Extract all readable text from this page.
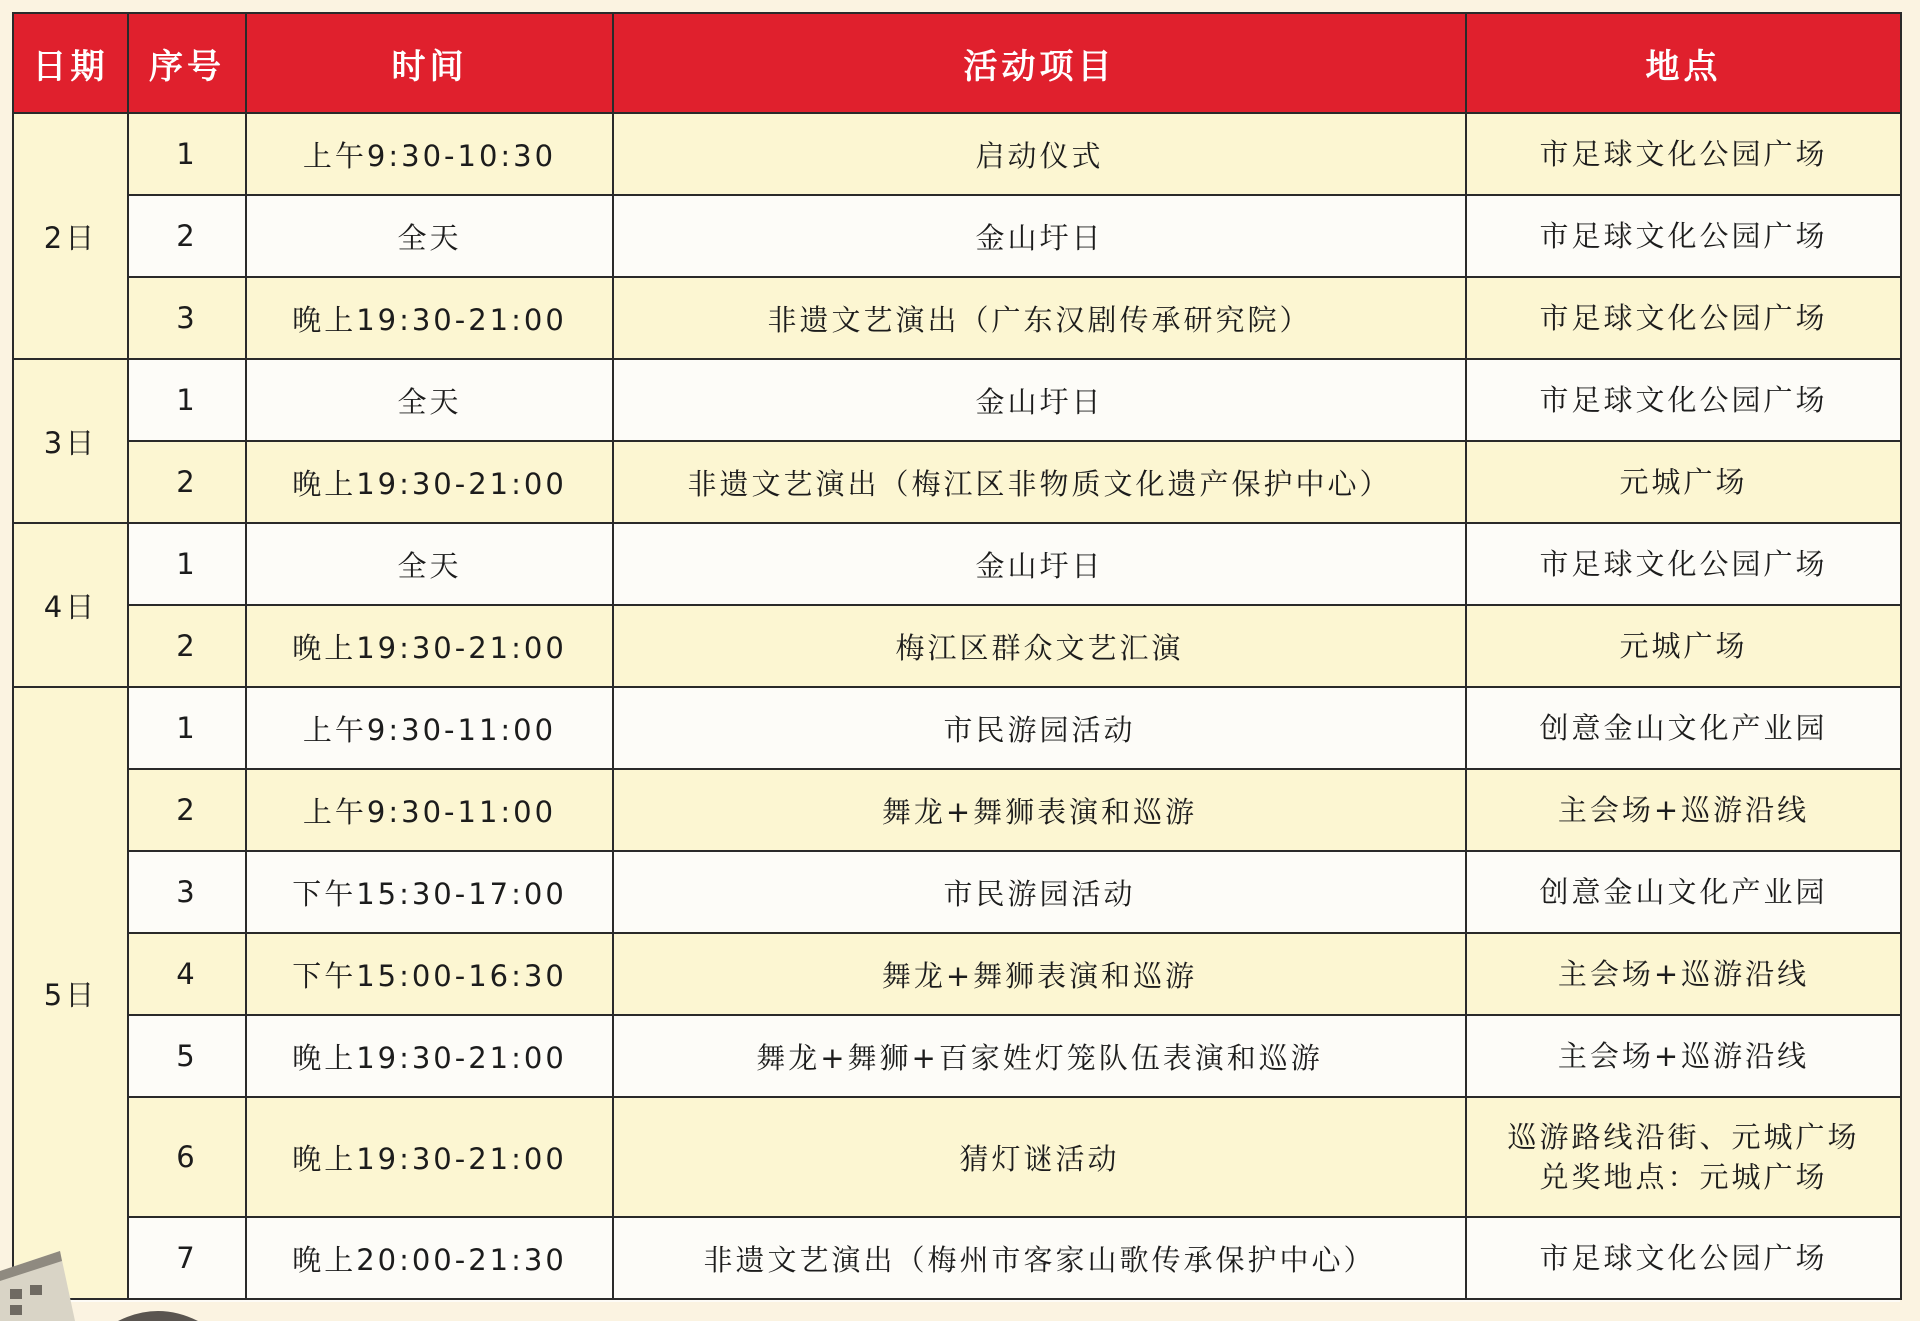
日期	序号	时间	活动项目	地点
2日	1	上午9:30-10:30	启动仪式	市足球文化公园广场

	2	全天	金山圩日	市足球文化公园广场

	3	晚上19:30-21:00	非遗文艺演出（广东汉剧传承研究院）	市足球文化公园广场

3日	1	全天	金山圩日	市足球文化公园广场

	2	晚上19:30-21:00	非遗文艺演出（梅江区非物质文化遗产保护中心）	元城广场

4日	1	全天	金山圩日	市足球文化公园广场

	2	晚上19:30-21:00	梅江区群众文艺汇演	元城广场

5日	1	上午9:30-11:00	市民游园活动	创意金山文化产业园

	2	上午9:30-11:00	舞龙+舞狮表演和巡游	主会场+巡游沿线

	3	下午15:30-17:00	市民游园活动	创意金山文化产业园

	4	下午15:00-16:30	舞龙+舞狮表演和巡游	主会场+巡游沿线

	5	晚上19:30-21:00	舞龙+舞狮+百家姓灯笼队伍表演和巡游	主会场+巡游沿线

	6	晚上19:30-21:00	猜灯谜活动	巡游路线沿街、元城广场
兑奖地点：元城广场

	7	晚上20:00-21:30	非遗文艺演出（梅州市客家山歌传承保护中心）	市足球文化公园广场
